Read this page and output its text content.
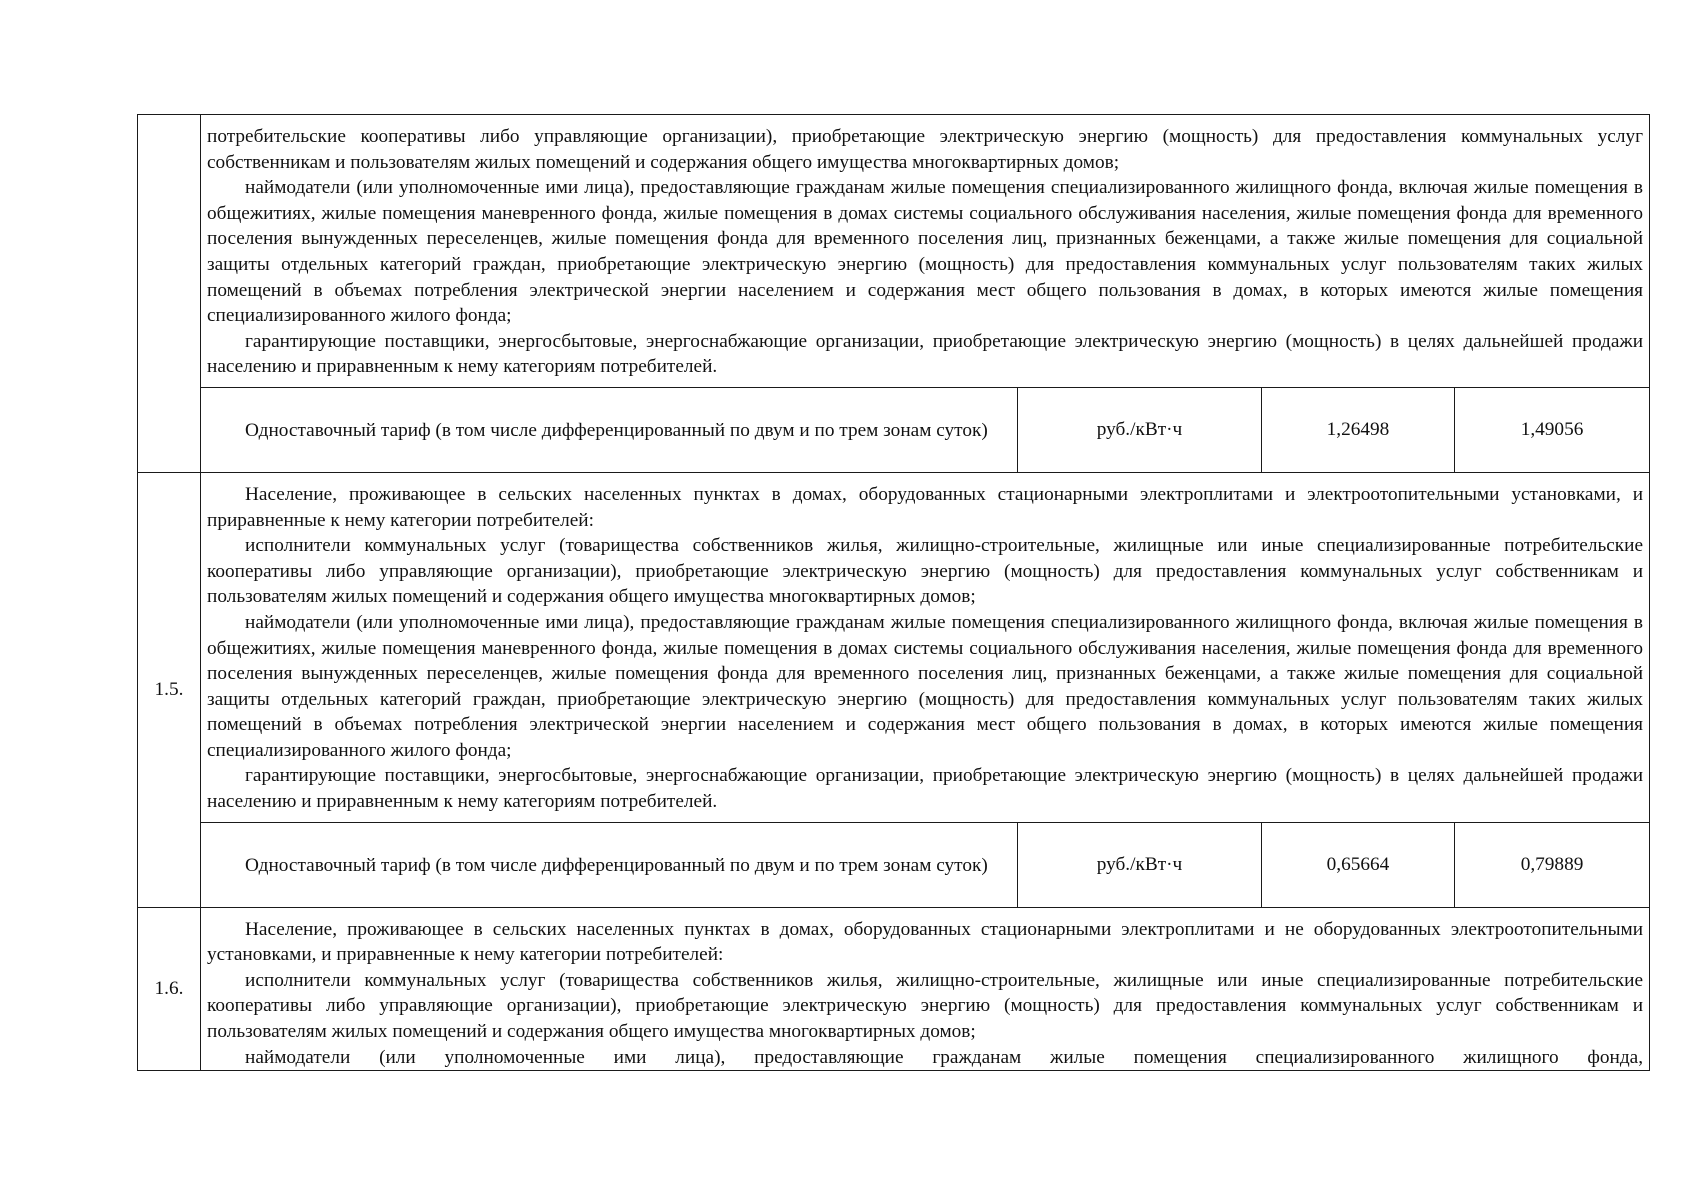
	потребительские кооперативы либо управляющие организации), приобретающие электрическую энергию (мощность) для предоставления коммунальных услуг собственникам и пользователям жилых помещений и содержания общего имущества многоквартирных домов;

наймодатели (или уполномоченные ими лица), предоставляющие гражданам жилые помещения специализированного жилищного фонда, включая жилые помещения в общежитиях, жилые помещения маневренного фонда, жилые помещения в домах системы социального обслуживания населения, жилые помещения фонда для временного поселения вынужденных переселенцев, жилые помещения фонда для временного поселения лиц, признанных беженцами, а также жилые помещения для социальной защиты отдельных категорий граждан, приобретающие электрическую энергию (мощность) для предоставления коммунальных услуг пользователям таких жилых помещений в объемах потребления электрической энергии населением и содержания мест общего пользования в домах, в которых имеются жилые помещения специализированного жилого фонда;

гарантирующие поставщики, энергосбытовые, энергоснабжающие организации, приобретающие электрическую энергию (мощность) в целях дальнейшей продажи населению и приравненным к нему категориям потребителей.			

	Одноставочный тариф (в том числе дифференцированный по двум и по трем зонам суток)	руб./кВт·ч	1,26498	1,49056
1.5.	Население, проживающее в сельских населенных пунктах в домах, оборудованных стационарными электроплитами и электроотопительными установками, и приравненные к нему категории потребителей:

исполнители коммунальных услуг (товарищества собственников жилья, жилищно-строительные, жилищные или иные специализированные потребительские кооперативы либо управляющие организации), приобретающие электрическую энергию (мощность) для предоставления коммунальных услуг собственникам и пользователям жилых помещений и содержания общего имущества многоквартирных домов;

наймодатели (или уполномоченные ими лица), предоставляющие гражданам жилые помещения специализированного жилищного фонда, включая жилые помещения в общежитиях, жилые помещения маневренного фонда, жилые помещения в домах системы социального обслуживания населения, жилые помещения фонда для временного поселения вынужденных переселенцев, жилые помещения фонда для временного поселения лиц, признанных беженцами, а также жилые помещения для социальной защиты отдельных категорий граждан, приобретающие электрическую энергию (мощность) для предоставления коммунальных услуг пользователям таких жилых помещений в объемах потребления электрической энергии населением и содержания мест общего пользования в домах, в которых имеются жилые помещения специализированного жилого фонда;

гарантирующие поставщики, энергосбытовые, энергоснабжающие организации, приобретающие электрическую энергию (мощность) в целях дальнейшей продажи населению и приравненным к нему категориям потребителей.			

	Одноставочный тариф (в том числе дифференцированный по двум и по трем зонам суток)	руб./кВт·ч	0,65664	0,79889
1.6.	Население, проживающее в сельских населенных пунктах в домах, оборудованных стационарными электроплитами и не оборудованных электроотопительными установками, и приравненные к нему категории потребителей:

исполнители коммунальных услуг (товарищества собственников жилья, жилищно-строительные, жилищные или иные специализированные потребительские кооперативы либо управляющие организации), приобретающие электрическую энергию (мощность) для предоставления коммунальных услуг собственникам и пользователям жилых помещений и содержания общего имущества многоквартирных домов;

наймодатели (или уполномоченные ими лица), предоставляющие гражданам жилые помещения специализированного жилищного фонда,			
